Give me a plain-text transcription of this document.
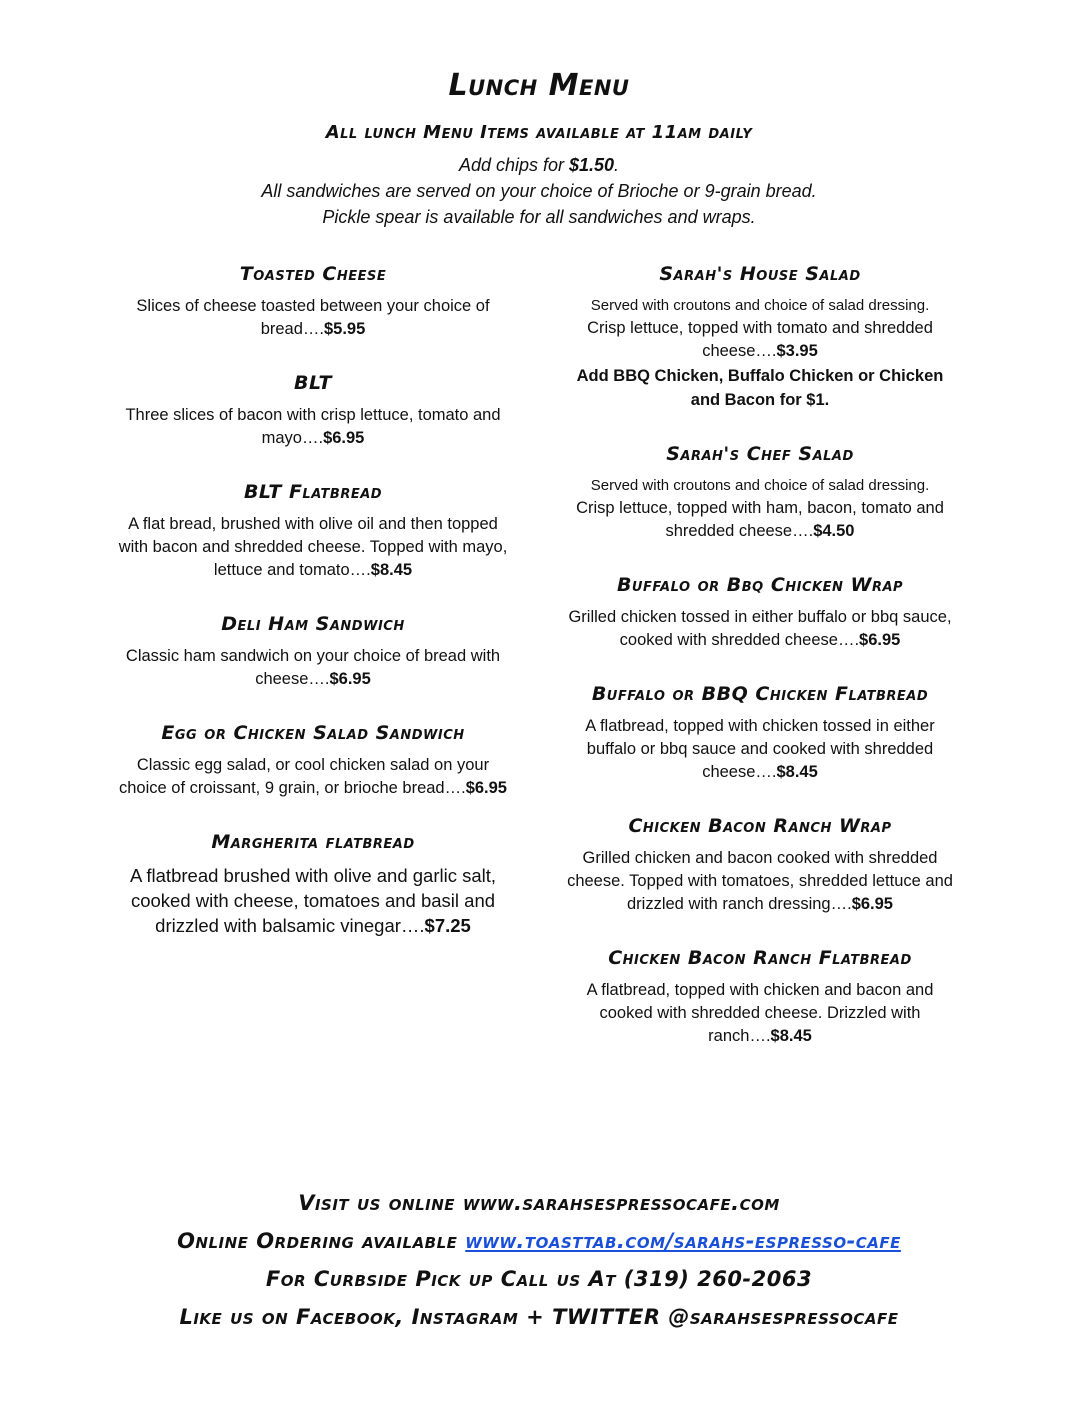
Lunch Menu
All lunch Menu Items available at 11am daily
Add chips for $1.50.
All sandwiches are served on your choice of Brioche or 9-grain bread.
Pickle spear is available for all sandwiches and wraps.
Toasted Cheese
Slices of cheese toasted between your choice of bread….$5.95
BLT
Three slices of bacon with crisp lettuce, tomato and mayo….$6.95
BLT Flatbread
A flat bread, brushed with olive oil and then topped with bacon and shredded cheese. Topped with mayo, lettuce and tomato….$8.45
Deli Ham Sandwich
Classic ham sandwich on your choice of bread with cheese….$6.95
Egg or Chicken Salad Sandwich
Classic egg salad, or cool chicken salad on your choice of croissant, 9 grain, or brioche bread….$6.95
Margherita flatbread
A flatbread brushed with olive and garlic salt, cooked with cheese, tomatoes and basil and drizzled with balsamic vinegar….$7.25
Sarah's House Salad
Served with croutons and choice of salad dressing.
Crisp lettuce, topped with tomato and shredded cheese….$3.95
Add BBQ Chicken, Buffalo Chicken or Chicken and Bacon for $1.
Sarah's Chef Salad
Served with croutons and choice of salad dressing.
Crisp lettuce, topped with ham, bacon, tomato and shredded cheese….$4.50
Buffalo or Bbq Chicken Wrap
Grilled chicken tossed in either buffalo or bbq sauce, cooked with shredded cheese….$6.95
Buffalo or BBQ Chicken Flatbread
A flatbread, topped with chicken tossed in either buffalo or bbq sauce and cooked with shredded cheese….$8.45
Chicken Bacon Ranch Wrap
Grilled chicken and bacon cooked with shredded cheese. Topped with tomatoes, shredded lettuce and drizzled with ranch dressing….$6.95
Chicken Bacon Ranch Flatbread
A flatbread, topped with chicken and bacon and cooked with shredded cheese. Drizzled with ranch….$8.45
Visit us online www.sarahsespressocafe.com
Online Ordering available www.toasttab.com/sarahs-espresso-cafe
For Curbside Pick up Call us At (319) 260-2063
Like us on Facebook, Instagram + TWITTER @sarahsespressocafe
